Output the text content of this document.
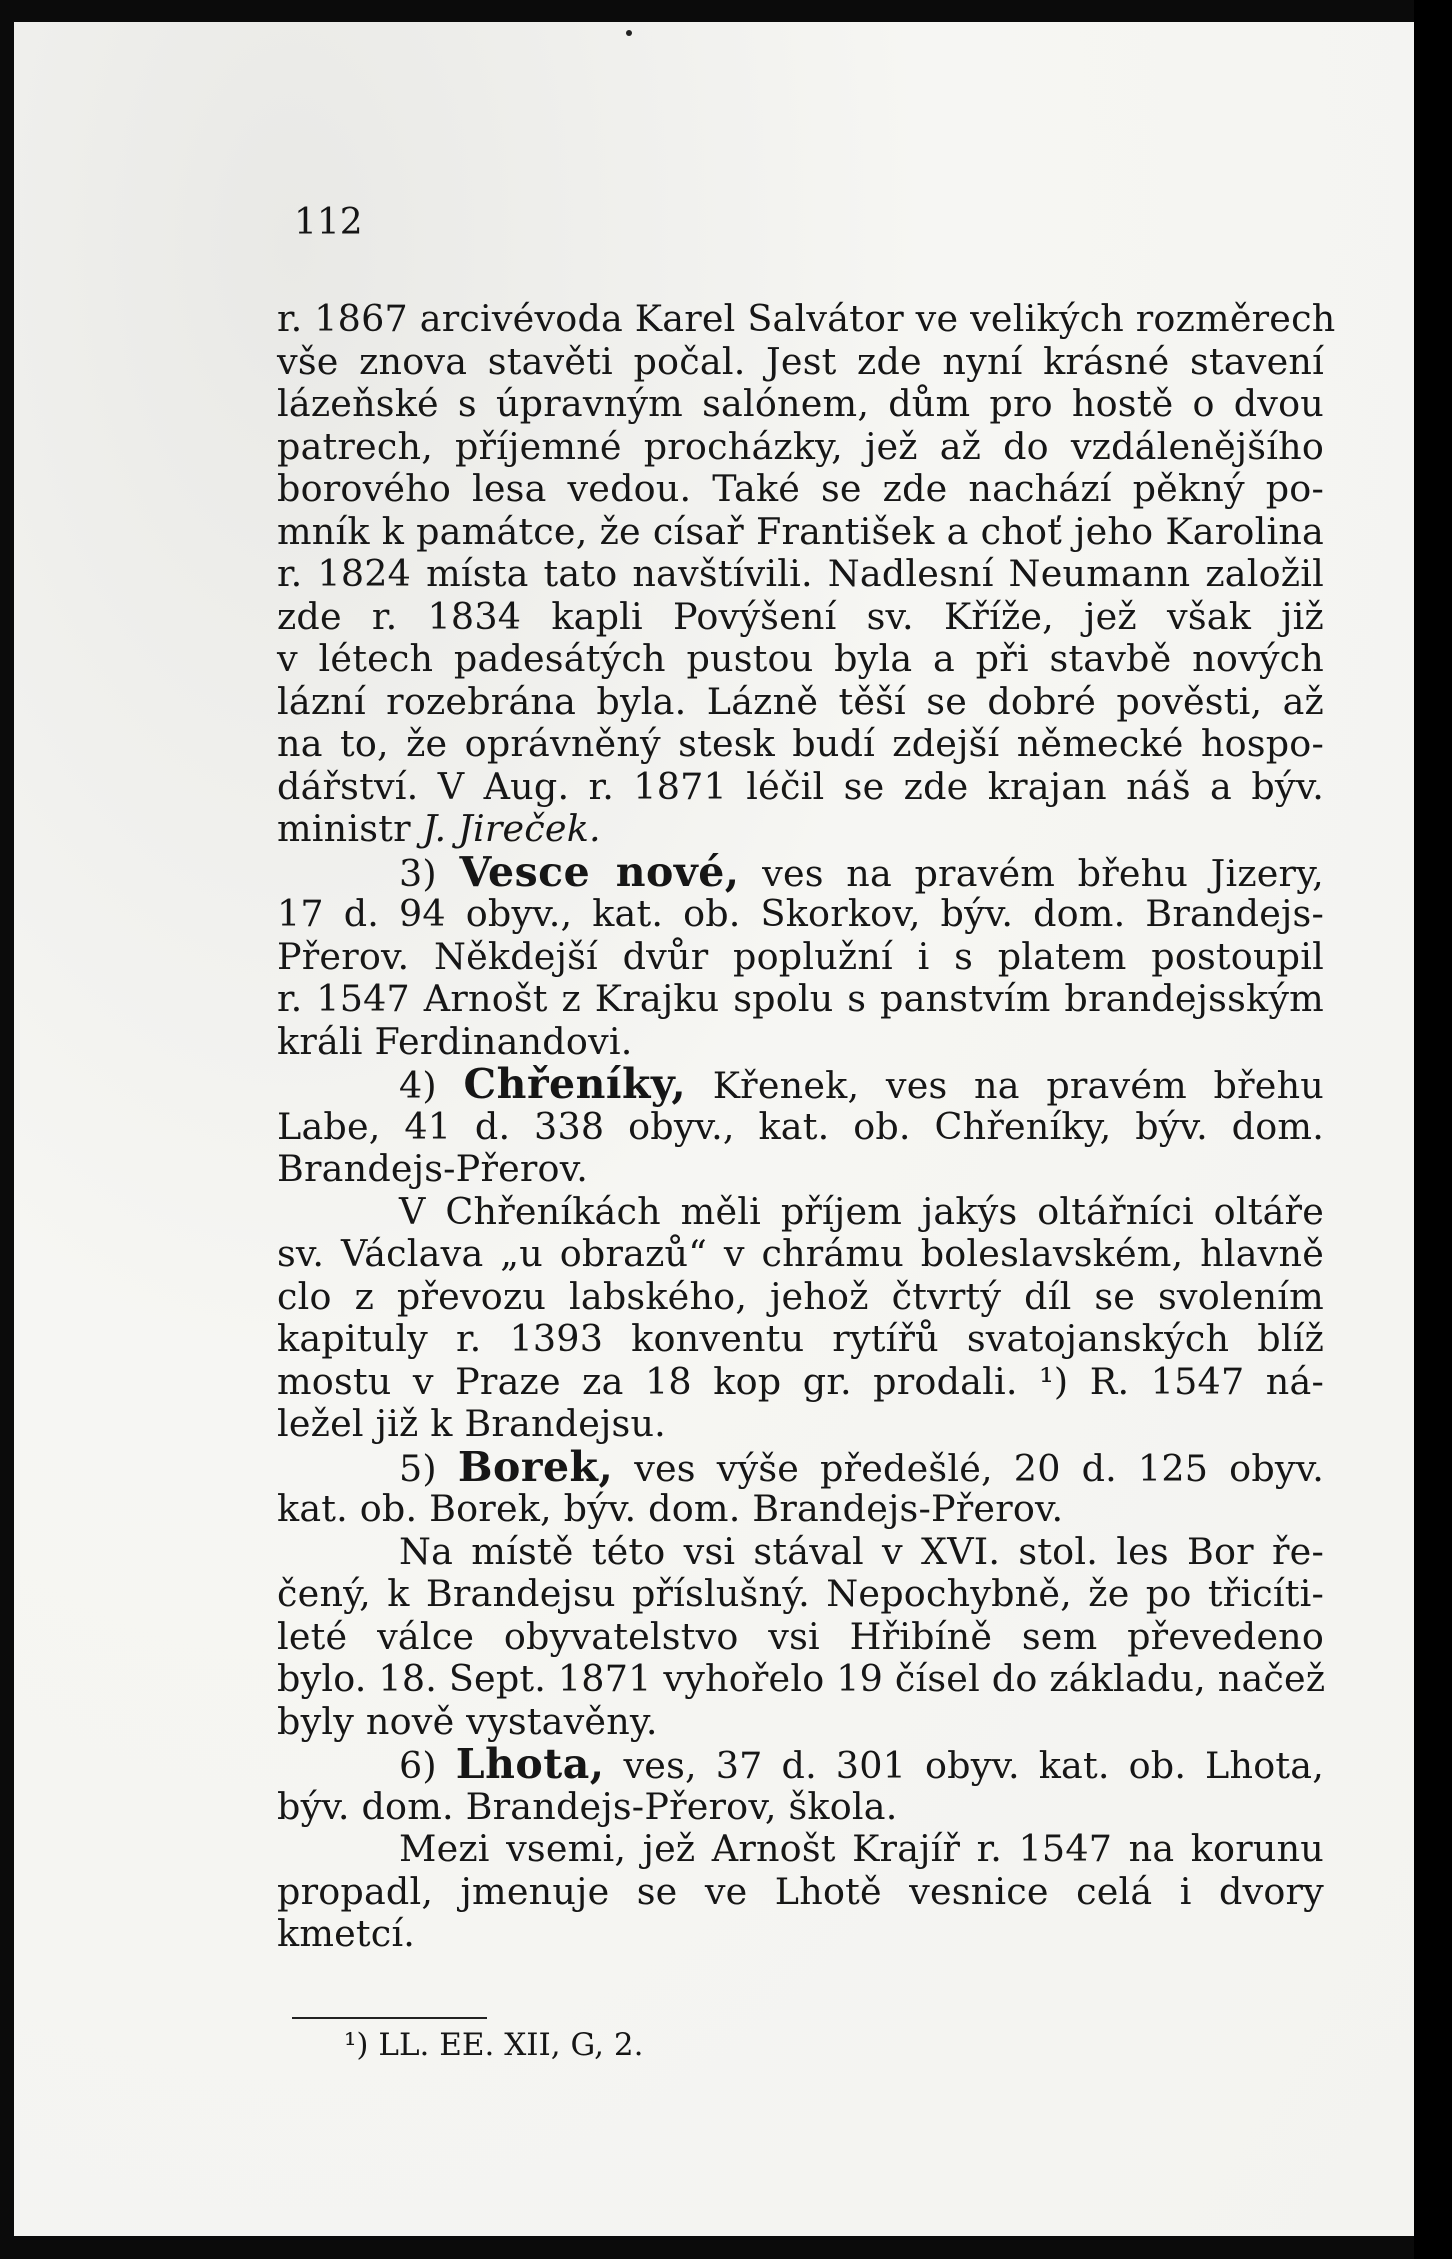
112
r. 1867 arcivévoda Karel Salvátor ve velikých rozměrech
vše znova stavěti počal. Jest zde nyní krásné stavení
lázeňské s úpravným salónem, dům pro hostě o dvou
patrech, příjemné procházky, jež až do vzdálenějšího
borového lesa vedou. Také se zde nachází pěkný po-
mník k památce, že císař František a choť jeho Karolina
r. 1824 místa tato navštívili. Nadlesní Neumann založil
zde r. 1834 kapli Povýšení sv. Kříže, jež však již
v létech padesátých pustou byla a při stavbě nových
lázní rozebrána byla. Lázně těší se dobré pověsti, až
na to, že oprávněný stesk budí zdejší německé hospo-
dářství. V Aug. r. 1871 léčil se zde krajan náš a býv.
ministr J. Jireček.
3) Vesce nové, ves na pravém břehu Jizery,
17 d. 94 obyv., kat. ob. Skorkov, býv. dom. Brandejs-
Přerov. Někdejší dvůr poplužní i s platem postoupil
r. 1547 Arnošt z Krajku spolu s panstvím brandejsským
králi Ferdinandovi.
4) Chřeníky, Křenek, ves na pravém břehu
Labe, 41 d. 338 obyv., kat. ob. Chřeníky, býv. dom.
Brandejs-Přerov.
V Chřeníkách měli příjem jakýs oltářníci oltáře
sv. Václava „u obrazů“ v chrámu boleslavském, hlavně
clo z převozu labského, jehož čtvrtý díl se svolením
kapituly r. 1393 konventu rytířů svatojanských blíž
mostu v Praze za 18 kop gr. prodali. ¹) R. 1547 ná-
ležel již k Brandejsu.
5) Borek, ves výše předešlé, 20 d. 125 obyv.
kat. ob. Borek, býv. dom. Brandejs-Přerov.
Na místě této vsi stával v XVI. stol. les Bor ře-
čený, k Brandejsu příslušný. Nepochybně, že po třicíti-
leté válce obyvatelstvo vsi Hřibíně sem převedeno
bylo. 18. Sept. 1871 vyhořelo 19 čísel do základu, načež
byly nově vystavěny.
6) Lhota, ves, 37 d. 301 obyv. kat. ob. Lhota,
býv. dom. Brandejs-Přerov, škola.
Mezi vsemi, jež Arnošt Krajíř r. 1547 na korunu
propadl, jmenuje se ve Lhotě vesnice celá i dvory
kmetcí.
¹) LL. EE. XII, G, 2.
